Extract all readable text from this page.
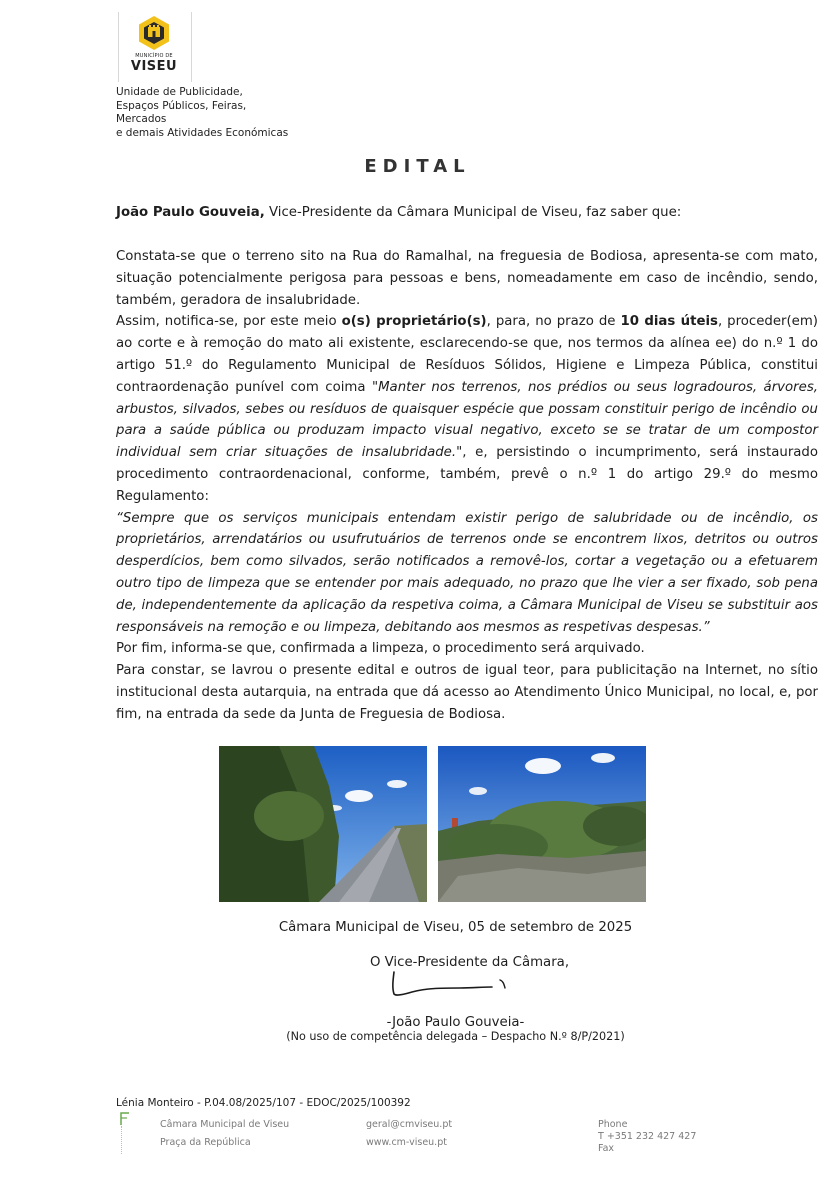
MUNICÍPIO DE
VISEU
Unidade de Publicidade,
Espaços Públicos, Feiras,
Mercados
e demais Atividades Económicas
EDITAL
João Paulo Gouveia, Vice-Presidente da Câmara Municipal de Viseu, faz saber que:

Constata-se que o terreno sito na Rua do Ramalhal, na freguesia de Bodiosa, apresenta-se com mato, situação potencialmente perigosa para pessoas e bens, nomeadamente em caso de incêndio, sendo, também, geradora de insalubridade.

Assim, notifica-se, por este meio o(s) proprietário(s), para, no prazo de 10 dias úteis, proceder(em) ao corte e à remoção do mato ali existente, esclarecendo-se que, nos termos da alínea ee) do n.º 1 do artigo 51.º do Regulamento Municipal de Resíduos Sólidos, Higiene e Limpeza Pública, constitui contraordenação punível com coima "Manter nos terrenos, nos prédios ou seus logradouros, árvores, arbustos, silvados, sebes ou resíduos de quaisquer espécie que possam constituir perigo de incêndio ou para a saúde pública ou produzam impacto visual negativo, exceto se se tratar de um compostor individual sem criar situações de insalubridade.", e, persistindo o incumprimento, será instaurado procedimento contraordenacional, conforme, também, prevê o n.º 1 do artigo 29.º do mesmo Regulamento:

“Sempre que os serviços municipais entendam existir perigo de salubridade ou de incêndio, os proprietários, arrendatários ou usufrutuários de terrenos onde se encontrem lixos, detritos ou outros desperdícios, bem como silvados, serão notificados a removê-los, cortar a vegetação ou a efetuarem outro tipo de limpeza que se entender por mais adequado, no prazo que lhe vier a ser fixado, sob pena de, independentemente da aplicação da respetiva coima, a Câmara Municipal de Viseu se substituir aos responsáveis na remoção e ou limpeza, debitando aos mesmos as respetivas despesas.”

Por fim, informa-se que, confirmada a limpeza, o procedimento será arquivado.

Para constar, se lavrou o presente edital e outros de igual teor, para publicitação na Internet, no sítio institucional desta autarquia, na entrada que dá acesso ao Atendimento Único Municipal, no local, e, por fim, na entrada da sede da Junta de Freguesia de Bodiosa.

Câmara Municipal de Viseu, 05 de setembro de 2025
O Vice-Presidente da Câmara,
-João Paulo Gouveia-
(No uso de competência delegada – Despacho N.º 8/P/2021)
Lénia Monteiro - P.04.08/2025/107 - EDOC/2025/100392
Câmara Municipal de Viseu
Praça da República
geral@cmviseu.pt
www.cm-viseu.pt
Phone
T +351 232 427 427
Fax
